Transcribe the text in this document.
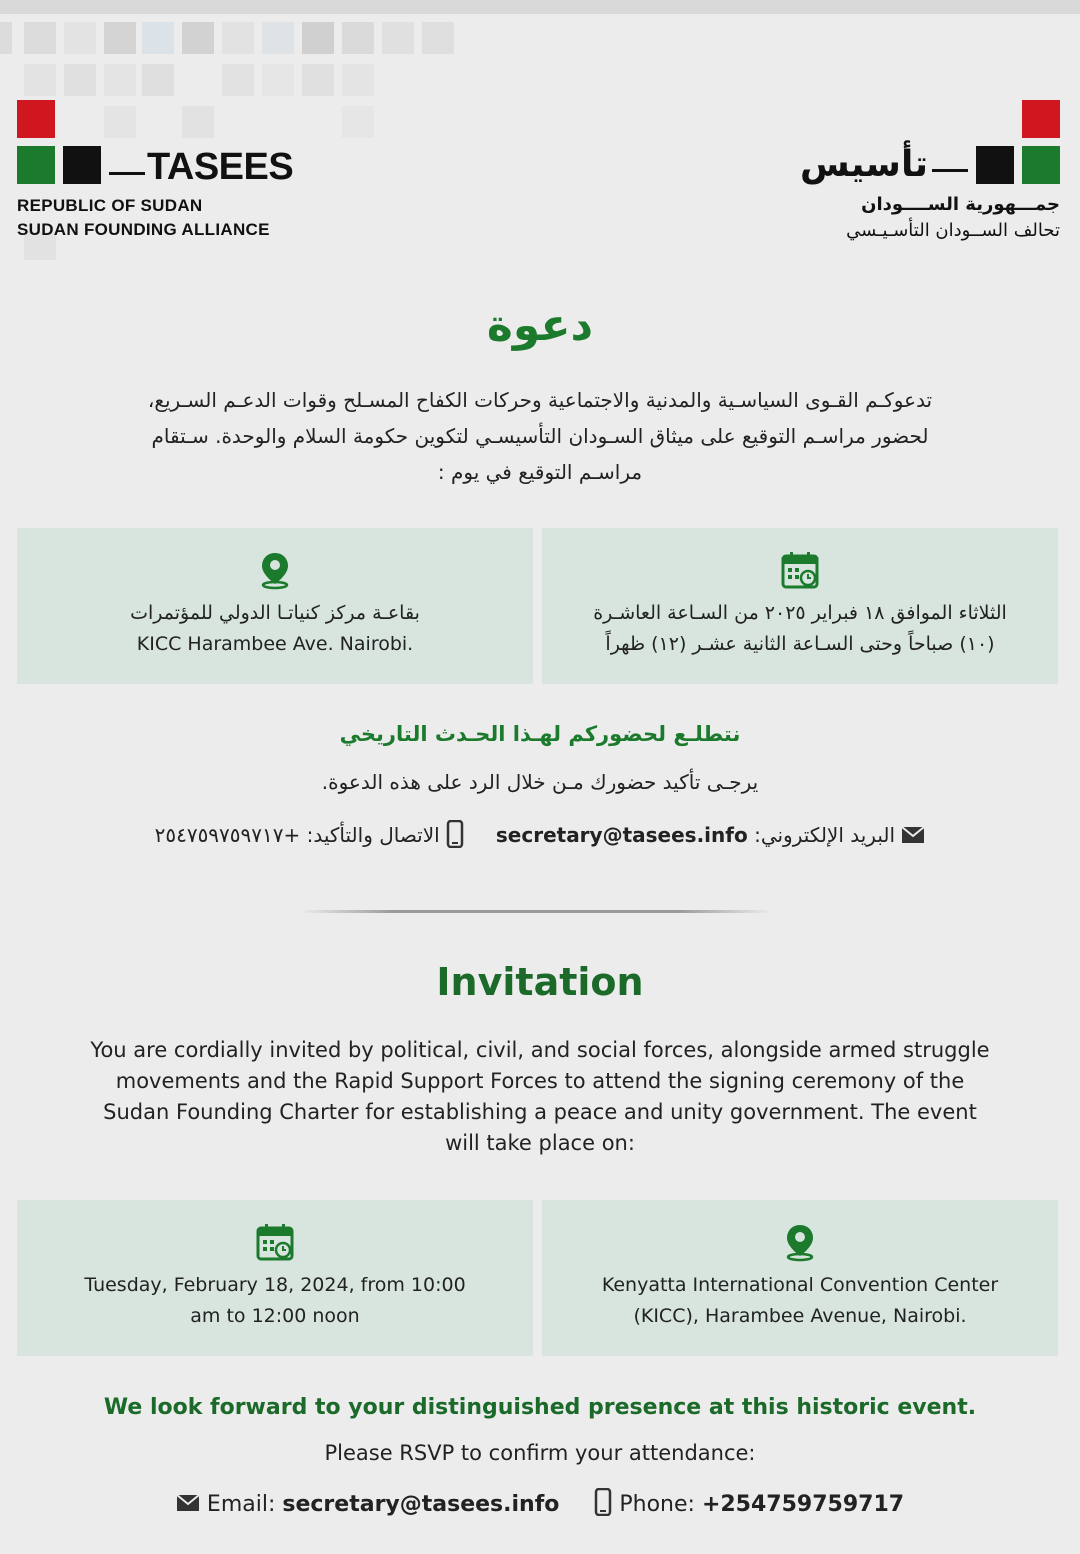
TASEES
REPUBLIC OF SUDAN
SUDAN FOUNDING ALLIANCE
تأسيس
جمـــهورية الســــودان
تحالف الســودان التأسـيـسي
دعوة
تدعوكـم القـوى السياسـية والمدنية والاجتماعية وحركات الكفاح المسـلح وقوات الدعـم السـريع،
لحضور مراسـم التوقيع على ميثاق السـودان التأسيسـي لتكوين حكومة السلام والوحدة. سـتقام
مراسـم التوقيع في يوم :
الثلاثاء الموافق ١٨ فبراير ٢٠٢٥ من السـاعة العاشـرة
(١٠) صباحاً وحتى السـاعة الثانية عشـر (١٢) ظهراً
بقاعـة مركز كنياتـا الدولي للمؤتمرات
KICC Harambee Ave. Nairobi.
نتطلـع لحضوركم لهـذا الحـدث التاريخي
يرجـى تأكيد حضورك مـن خلال الرد على هذه الدعوة.
البريد الإلكتروني: secretary@tasees.info      الاتصال والتأكيد: +٢٥٤٧٥٩٧٥٩٧١٧
Invitation
You are cordially invited by political, civil, and social forces, alongside armed struggle
movements and the Rapid Support Forces to attend the signing ceremony of the
Sudan Founding Charter for establishing a peace and unity government. The event
will take place on:
Tuesday, February 18, 2024, from 10:00
am to 12:00 noon
Kenyatta International Convention Center
(KICC), Harambee Avenue, Nairobi.
We look forward to your distinguished presence at this historic event.
Please RSVP to confirm your attendance:
Email: secretary@tasees.info	Phone: +254759759717
